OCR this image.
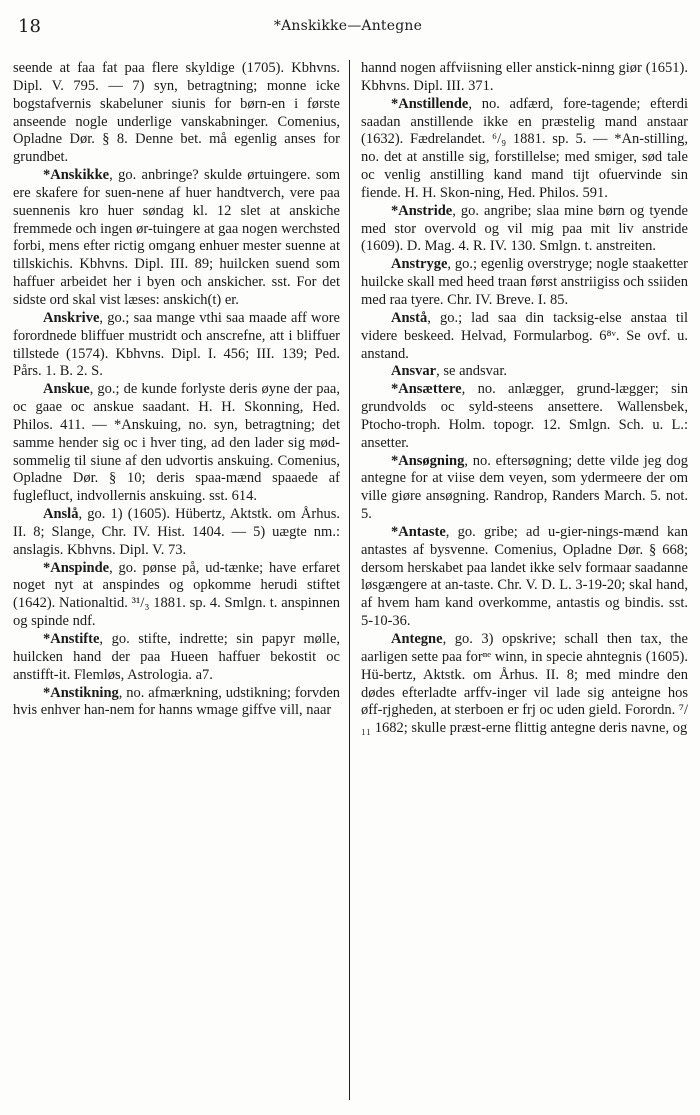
18	*Anskikke—Antegne

seende at faa fat paa flere skyldige (1705). Kbhvns. Dipl. V. 795. — 7) syn, betragtning; monne icke bogstafvernis skabeluner siunis for børn-en i første anseende nogle underlige vanskabninger. Comenius, Opladne Dør. § 8. Denne bet. må egenlig anses for grundbet.

*Anskikke, go. anbringe? skulde ørtuingere. som ere skafere for suen-nene af huer handtverch, vere paa suennenis kro huer søndag kl. 12 slet at anskiche fremmede och ingen ør-tuingere at gaa nogen werchsted forbi, mens efter rictig omgang enhuer mester suenne at tillskichis. Kbhvns. Dipl. III. 89; huilcken suend som haffuer arbeidet her i byen och anskicher. sst. For det sidste ord skal vist læses: anskich(t) er.

Anskrive, go.; saa mange vthi saa maade aff wore forordnede bliffuer mustridt och anscrefne, att i bliffuer tillstede (1574). Kbhvns. Dipl. I. 456; III. 139; Ped. Pårs. 1. B. 2. S.

Anskue, go.; de kunde forlyste deris øyne der paa, oc gaae oc anskue saadant. H. H. Skonning, Hed. Philos. 411. — *Anskuing, no. syn, betragtning; det samme hender sig oc i hver ting, ad den lader sig mød-sommelig til siune af den udvortis anskuing. Comenius, Opladne Dør. § 10; deris spaa-mænd spaaede af fuglefluct, indvollernis anskuing. sst. 614.

Anslå, go. 1) (1605). Hübertz, Aktstk. om Århus. II. 8; Slange, Chr. IV. Hist. 1404. — 5) uægte nm.: anslagis. Kbhvns. Dipl. V. 73.

*Anspinde, go. pønse på, ud-tænke; have erfaret noget nyt at anspindes og opkomme herudi stiftet (1642). Nationaltid. ³¹/₃ 1881. sp. 4. Smlgn. t. anspinnen og spinde ndf.

*Anstifte, go. stifte, indrette; sin papyr mølle, huilcken hand der paa Hueen haffuer bekostit oc anstifft-it. Flemløs, Astrologia. a7.

*Anstikning, no. afmærkning, udstikning; forvden hvis enhver han-nem for hanns wmage giffve vill, naar

hannd nogen affviisning eller anstick-ninng giør (1651). Kbhvns. Dipl. III. 371.

*Anstillende, no. adfærd, fore-tagende; efterdi saadan anstillende ikke en præstelig mand anstaar (1632). Fædrelandet. ⁶/₉ 1881. sp. 5. — *An-stilling, no. det at anstille sig, forstillelse; med smiger, sød tale oc venlig anstilling kand mand tijt ofuervinde sin fiende. H. H. Skon-ning, Hed. Philos. 591.

*Anstride, go. angribe; slaa mine børn og tyende med stor overvold og vil mig paa mit liv anstride (1609). D. Mag. 4. R. IV. 130. Smlgn. t. anstreiten.

Anstryge, go.; egenlig overstryge; nogle staaketter huilcke skall med heed traan først anstriigiss och ssiiden med raa tyere. Chr. IV. Breve. I. 85.

Anstå, go.; lad saa din tacksig-else anstaa til videre beskeed. Helvad, Formularbog. 6⁸ᵛ. Se ovf. u. anstand.

Ansvar, se andsvar.

*Ansættere, no. anlægger, grund-lægger; sin grundvolds oc syld-steens ansettere. Wallensbek, Ptocho-troph. Holm. topogr. 12. Smlgn. Sch. u. L.: ansetter.

*Ansøgning, no. eftersøgning; dette vilde jeg dog antegne for at viise dem veyen, som ydermeere der om ville giøre ansøgning. Randrop, Randers March. 5. not. 5.

*Antaste, go. gribe; ad u-gier-nings-mænd kan antastes af bysvenne. Comenius, Opladne Dør. § 668; dersom herskabet paa landet ikke selv formaar saadanne løsgængere at an-taste. Chr. V. D. L. 3-19-20; skal hand, af hvem ham kand overkomme, antastis og bindis. sst. 5-10-36.

Antegne, go. 3) opskrive; schall then tax, the aarligen sette paa forⁿᵉ winn, in specie ahntegnis (1605). Hü-bertz, Aktstk. om Århus. II. 8; med mindre den dødes efterladte arffv-inger vil lade sig anteigne hos øff-rjgheden, at sterboen er frj oc uden gield. Forordn. ⁷/₁₁ 1682; skulle præst-erne flittig antegne deris navne, og
